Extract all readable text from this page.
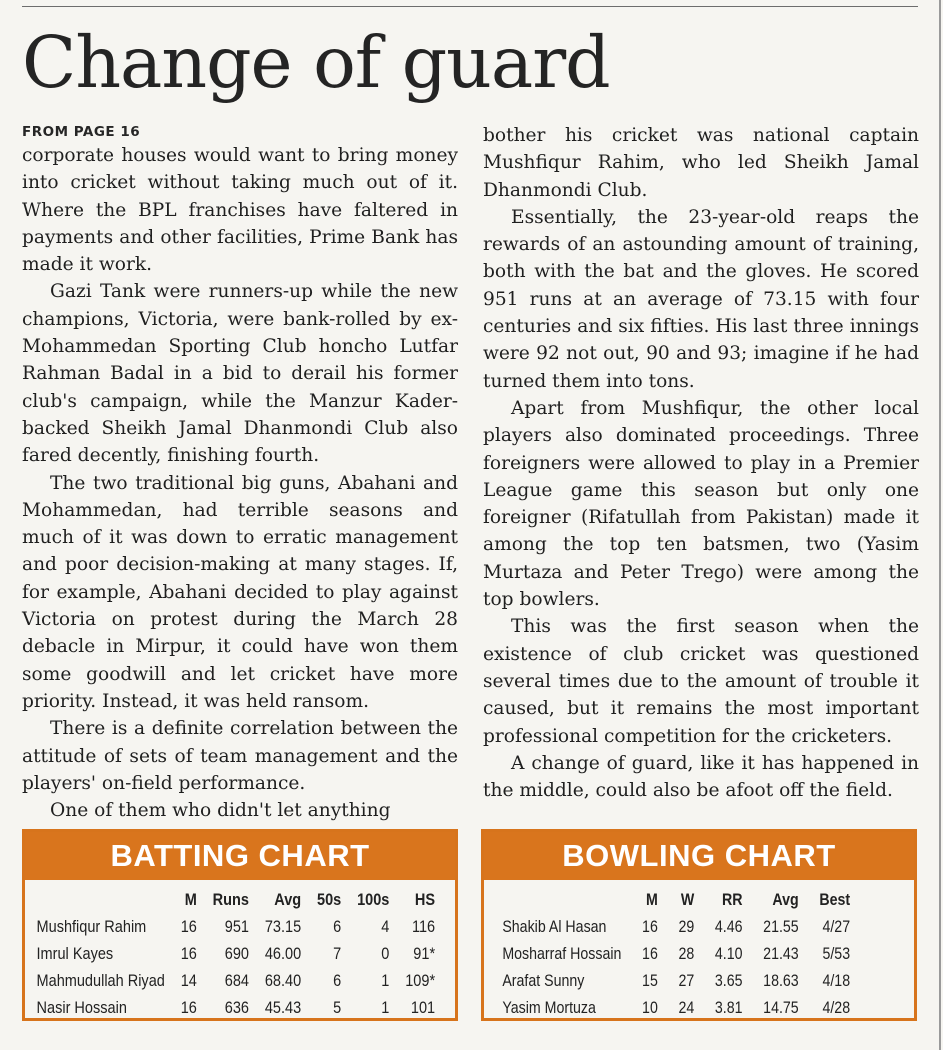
Change of guard
FROM PAGE 16

corporate houses would want to bring money into cricket without taking much out of it. Where the BPL franchises have faltered in payments and other facilities, Prime Bank has made it work.

Gazi Tank were runners-up while the new champions, Victoria, were bank-rolled by ex-Mohammedan Sporting Club honcho Lutfar Rahman Badal in a bid to derail his former club's campaign, while the Manzur Kader-backed Sheikh Jamal Dhanmondi Club also fared decently, finishing fourth.

The two traditional big guns, Abahani and Mohammedan, had terrible seasons and much of it was down to erratic management and poor decision-making at many stages. If, for example, Abahani decided to play against Victoria on protest during the March 28 debacle in Mirpur, it could have won them some goodwill and let cricket have more priority. Instead, it was held ransom.

There is a definite correlation between the attitude of sets of team management and the players' on-field performance.

One of them who didn't let anything

bother his cricket was national captain Mushfiqur Rahim, who led Sheikh Jamal Dhanmondi Club.

Essentially, the 23-year-old reaps the rewards of an astounding amount of training, both with the bat and the gloves. He scored 951 runs at an average of 73.15 with four centuries and six fifties. His last three innings were 92 not out, 90 and 93; imagine if he had turned them into tons.

Apart from Mushfiqur, the other local players also dominated proceedings. Three foreigners were allowed to play in a Premier League game this season but only one foreigner (Rifatullah from Pakistan) made it among the top ten batsmen, two (Yasim Murtaza and Peter Trego) were among the top bowlers.

This was the first season when the existence of club cricket was questioned several times due to the amount of trouble it caused, but it remains the most important professional competition for the cricketers.

A change of guard, like it has happened in the middle, could also be afoot off the field.

BATTING CHART
	M	Runs	Avg	50s	100s	HS
Mushfiqur Rahim	16	951	73.15	6	4	116
Imrul Kayes	16	690	46.00	7	0	91*
Mahmudullah Riyad	14	684	68.40	6	1	109*
Nasir Hossain	16	636	45.43	5	1	101
BOWLING CHART
	M	W	RR	Avg	Best
Shakib Al Hasan	16	29	4.46	21.55	4/27
Mosharraf Hossain	16	28	4.10	21.43	5/53
Arafat Sunny	15	27	3.65	18.63	4/18
Yasim Mortuza	10	24	3.81	14.75	4/28
